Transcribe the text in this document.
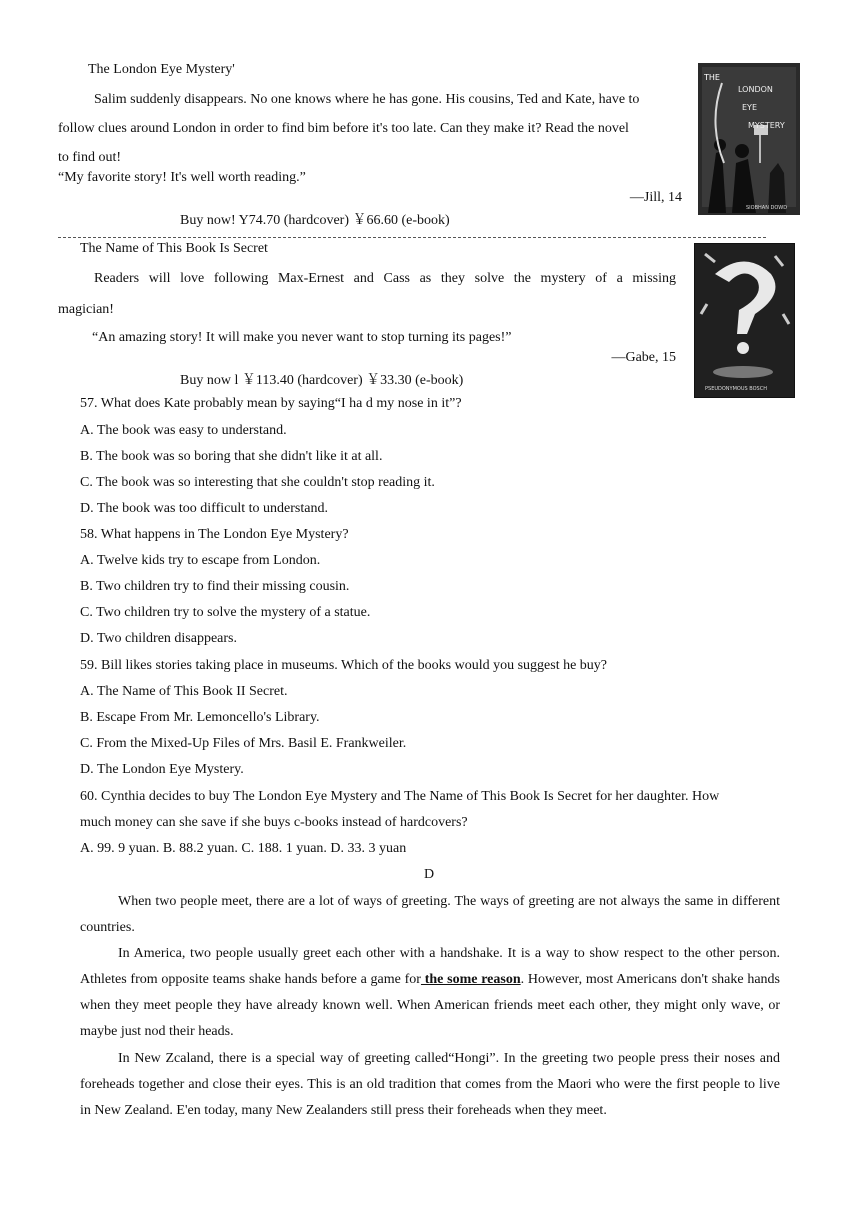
The London Eye Mystery'
Salim suddenly disappears. No one knows where he has gone. His cousins, Ted and Kate, have to
follow clues around London in order to find bim before it's too late. Can they make it? Read the novel
to find out!
“My favorite story! It's well worth reading.”
—Jill, 14
Buy now! Y74.70 (hardcover) ￥66.60 (e-book)
THE
LONDON
EYE
MYSTERY
SIOBHAN DOWD
The Name of This Book Is Secret
Readers will love following Max-Ernest and Cass as they solve the mystery of a missing
magician!
“An amazing story! It will make you never want to stop turning its pages!”
—Gabe, 15
Buy now l ￥113.40 (hardcover) ￥33.30 (e-book)
PSEUDONYMOUS BOSCH
57. What does Kate probably mean by saying“I ha d my nose in it”?
A. The book was easy to understand.
B. The book was so boring that she didn't like it at all.
C. The book was so interesting that she couldn't stop reading it.
D. The book was too difficult to understand.
58. What happens in The London Eye Mystery?
A. Twelve kids try to escape from London.
B. Two children try to find their missing cousin.
C. Two children try to solve the mystery of a statue.
D. Two children disappears.
59. Bill likes stories taking place in museums. Which of the books would you suggest he buy?
A. The Name of This Book II Secret.
B. Escape From Mr. Lemoncello's Library.
C. From the Mixed-Up Files of Mrs. Basil E. Frankweiler.
D. The London Eye Mystery.
60. Cynthia decides to buy The London Eye Mystery and The Name of This Book Is Secret for her daughter. How
much money can she save if she buys c-books instead of hardcovers?
A. 99. 9 yuan. B. 88.2 yuan. C. 188. 1 yuan. D. 33. 3 yuan
D
When two people meet, there are a lot of ways of greeting. The ways of greeting are not always the same in different countries.
In America, two people usually greet each other with a handshake. It is a way to show respect to the other person. Athletes from opposite teams shake hands before a game for the some reason. However, most Americans don't shake hands when they meet people they have already known well. When American friends meet each other, they might only wave, or maybe just nod their heads.
In New Zcaland, there is a special way of greeting called“Hongi”. In the greeting two people press their noses and foreheads together and close their eyes. This is an old tradition that comes from the Maori who were the first people to live in New Zealand. E'en today, many New Zealanders still press their foreheads when they meet.
